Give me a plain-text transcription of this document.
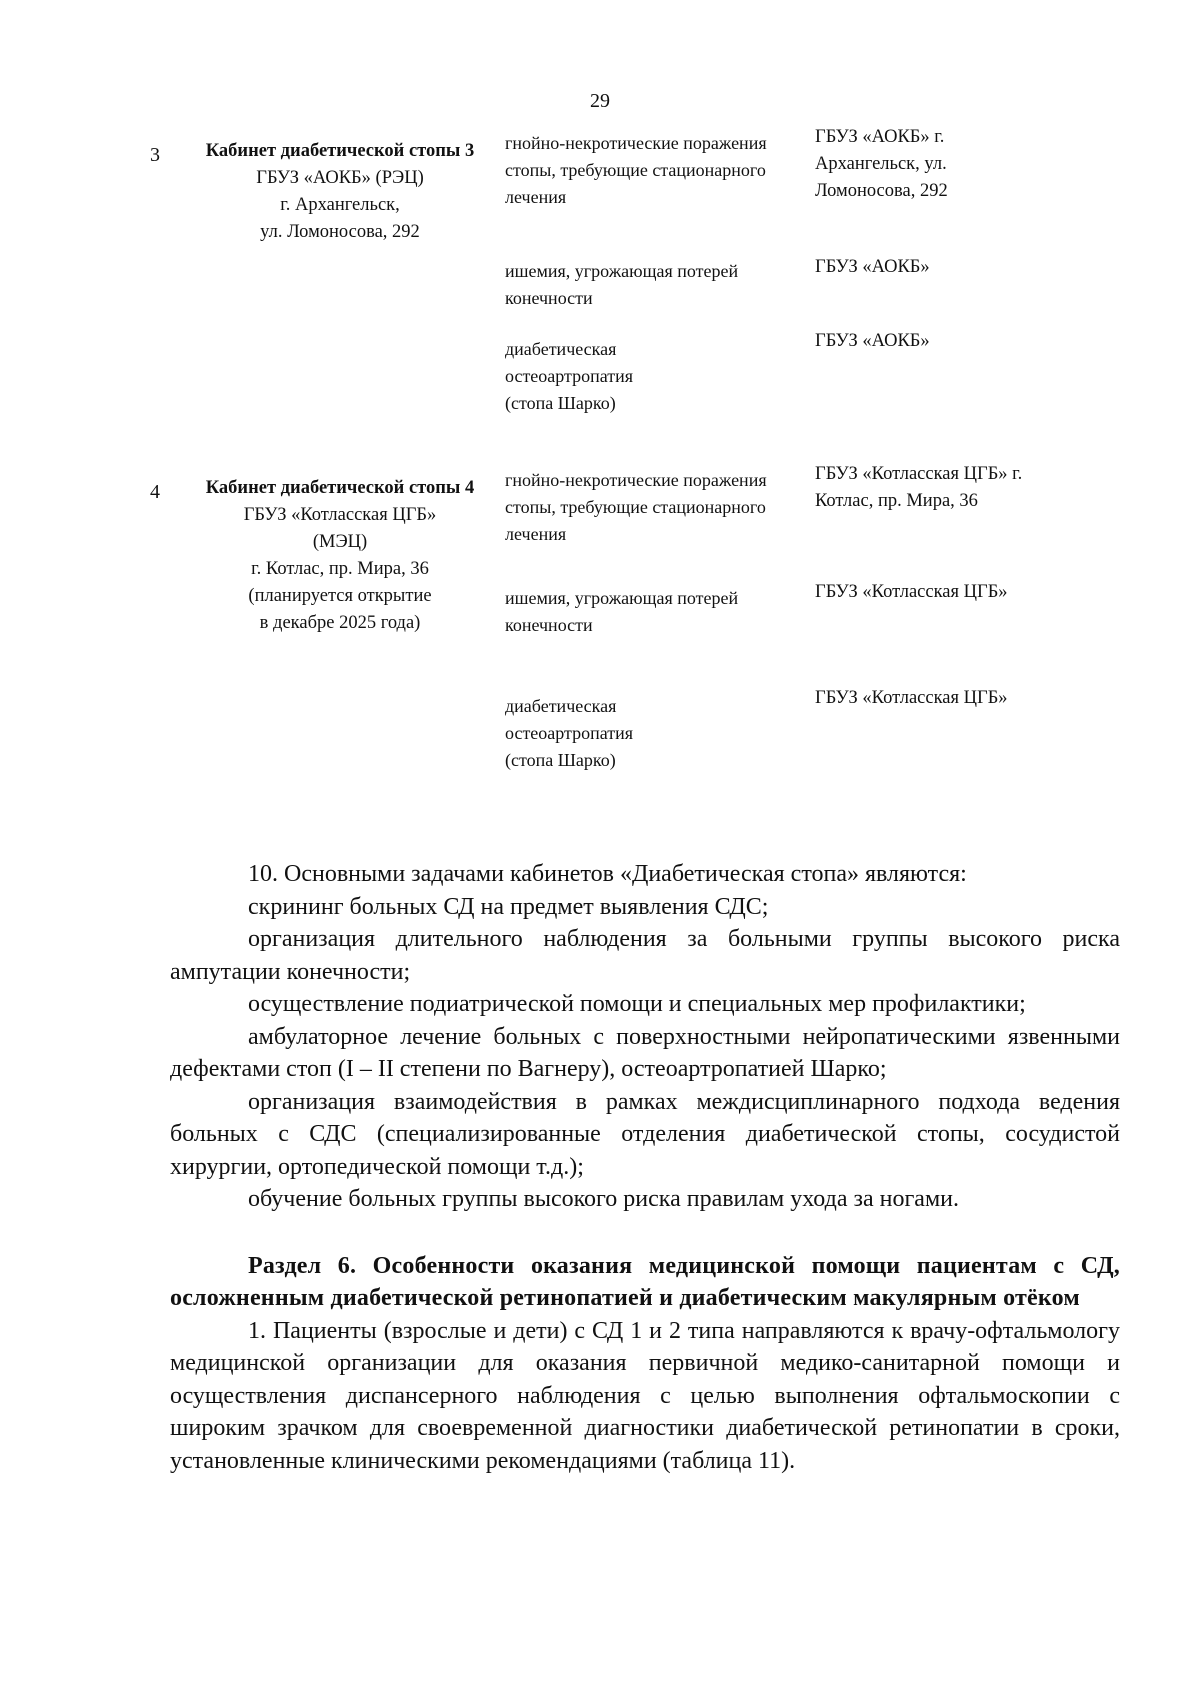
29
3 Кабинет диабетической стопы 3
ГБУЗ «АОКБ» (РЭЦ)
г. Архангельск,
ул. Ломоносова, 292
гнойно-некротические поражения стопы, требующие стационарного лечения
ГБУЗ «АОКБ» г. Архангельск, ул. Ломоносова, 292
ишемия, угрожающая потерей конечности
ГБУЗ «АОКБ»
диабетическая остеоартропатия (стопа Шарко)
ГБУЗ «АОКБ»
4 Кабинет диабетической стопы 4
ГБУЗ «Котласская ЦГБ»
(МЭЦ)
г. Котлас, пр. Мира, 36
(планируется открытие
в декабре 2025 года)
гнойно-некротические поражения стопы, требующие стационарного лечения
ГБУЗ «Котласская ЦГБ» г. Котлас, пр. Мира, 36
ишемия, угрожающая потерей конечности
ГБУЗ «Котласская ЦГБ»
диабетическая остеоартропатия (стопа Шарко)
ГБУЗ «Котласская ЦГБ»

10. Основными задачами кабинетов «Диабетическая стопа» являются:

скрининг больных СД на предмет выявления СДС;

организация длительного наблюдения за больными группы высокого риска ампутации конечности;

осуществление подиатрической помощи и специальных мер профилактики;

амбулаторное лечение больных с поверхностными нейропатическими язвенными дефектами стоп (I – II степени по Вагнеру), остеоартропатией Шарко;

организация взаимодействия в рамках междисциплинарного подхода ведения больных с СДС (специализированные отделения диабетической стопы, сосудистой хирургии, ортопедической помощи т.д.);

обучение больных группы высокого риска правилам ухода за ногами.

Раздел 6. Особенности оказания медицинской помощи пациентам с СД, осложненным диабетической ретинопатией и диабетическим макулярным отёком

1. Пациенты (взрослые и дети) с СД 1 и 2 типа направляются к врачу-офтальмологу медицинской организации для оказания первичной медико-санитарной помощи и осуществления диспансерного наблюдения с целью выполнения офтальмоскопии с широким зрачком для своевременной диагностики диабетической ретинопатии в сроки, установленные клиническими рекомендациями (таблица 11).
